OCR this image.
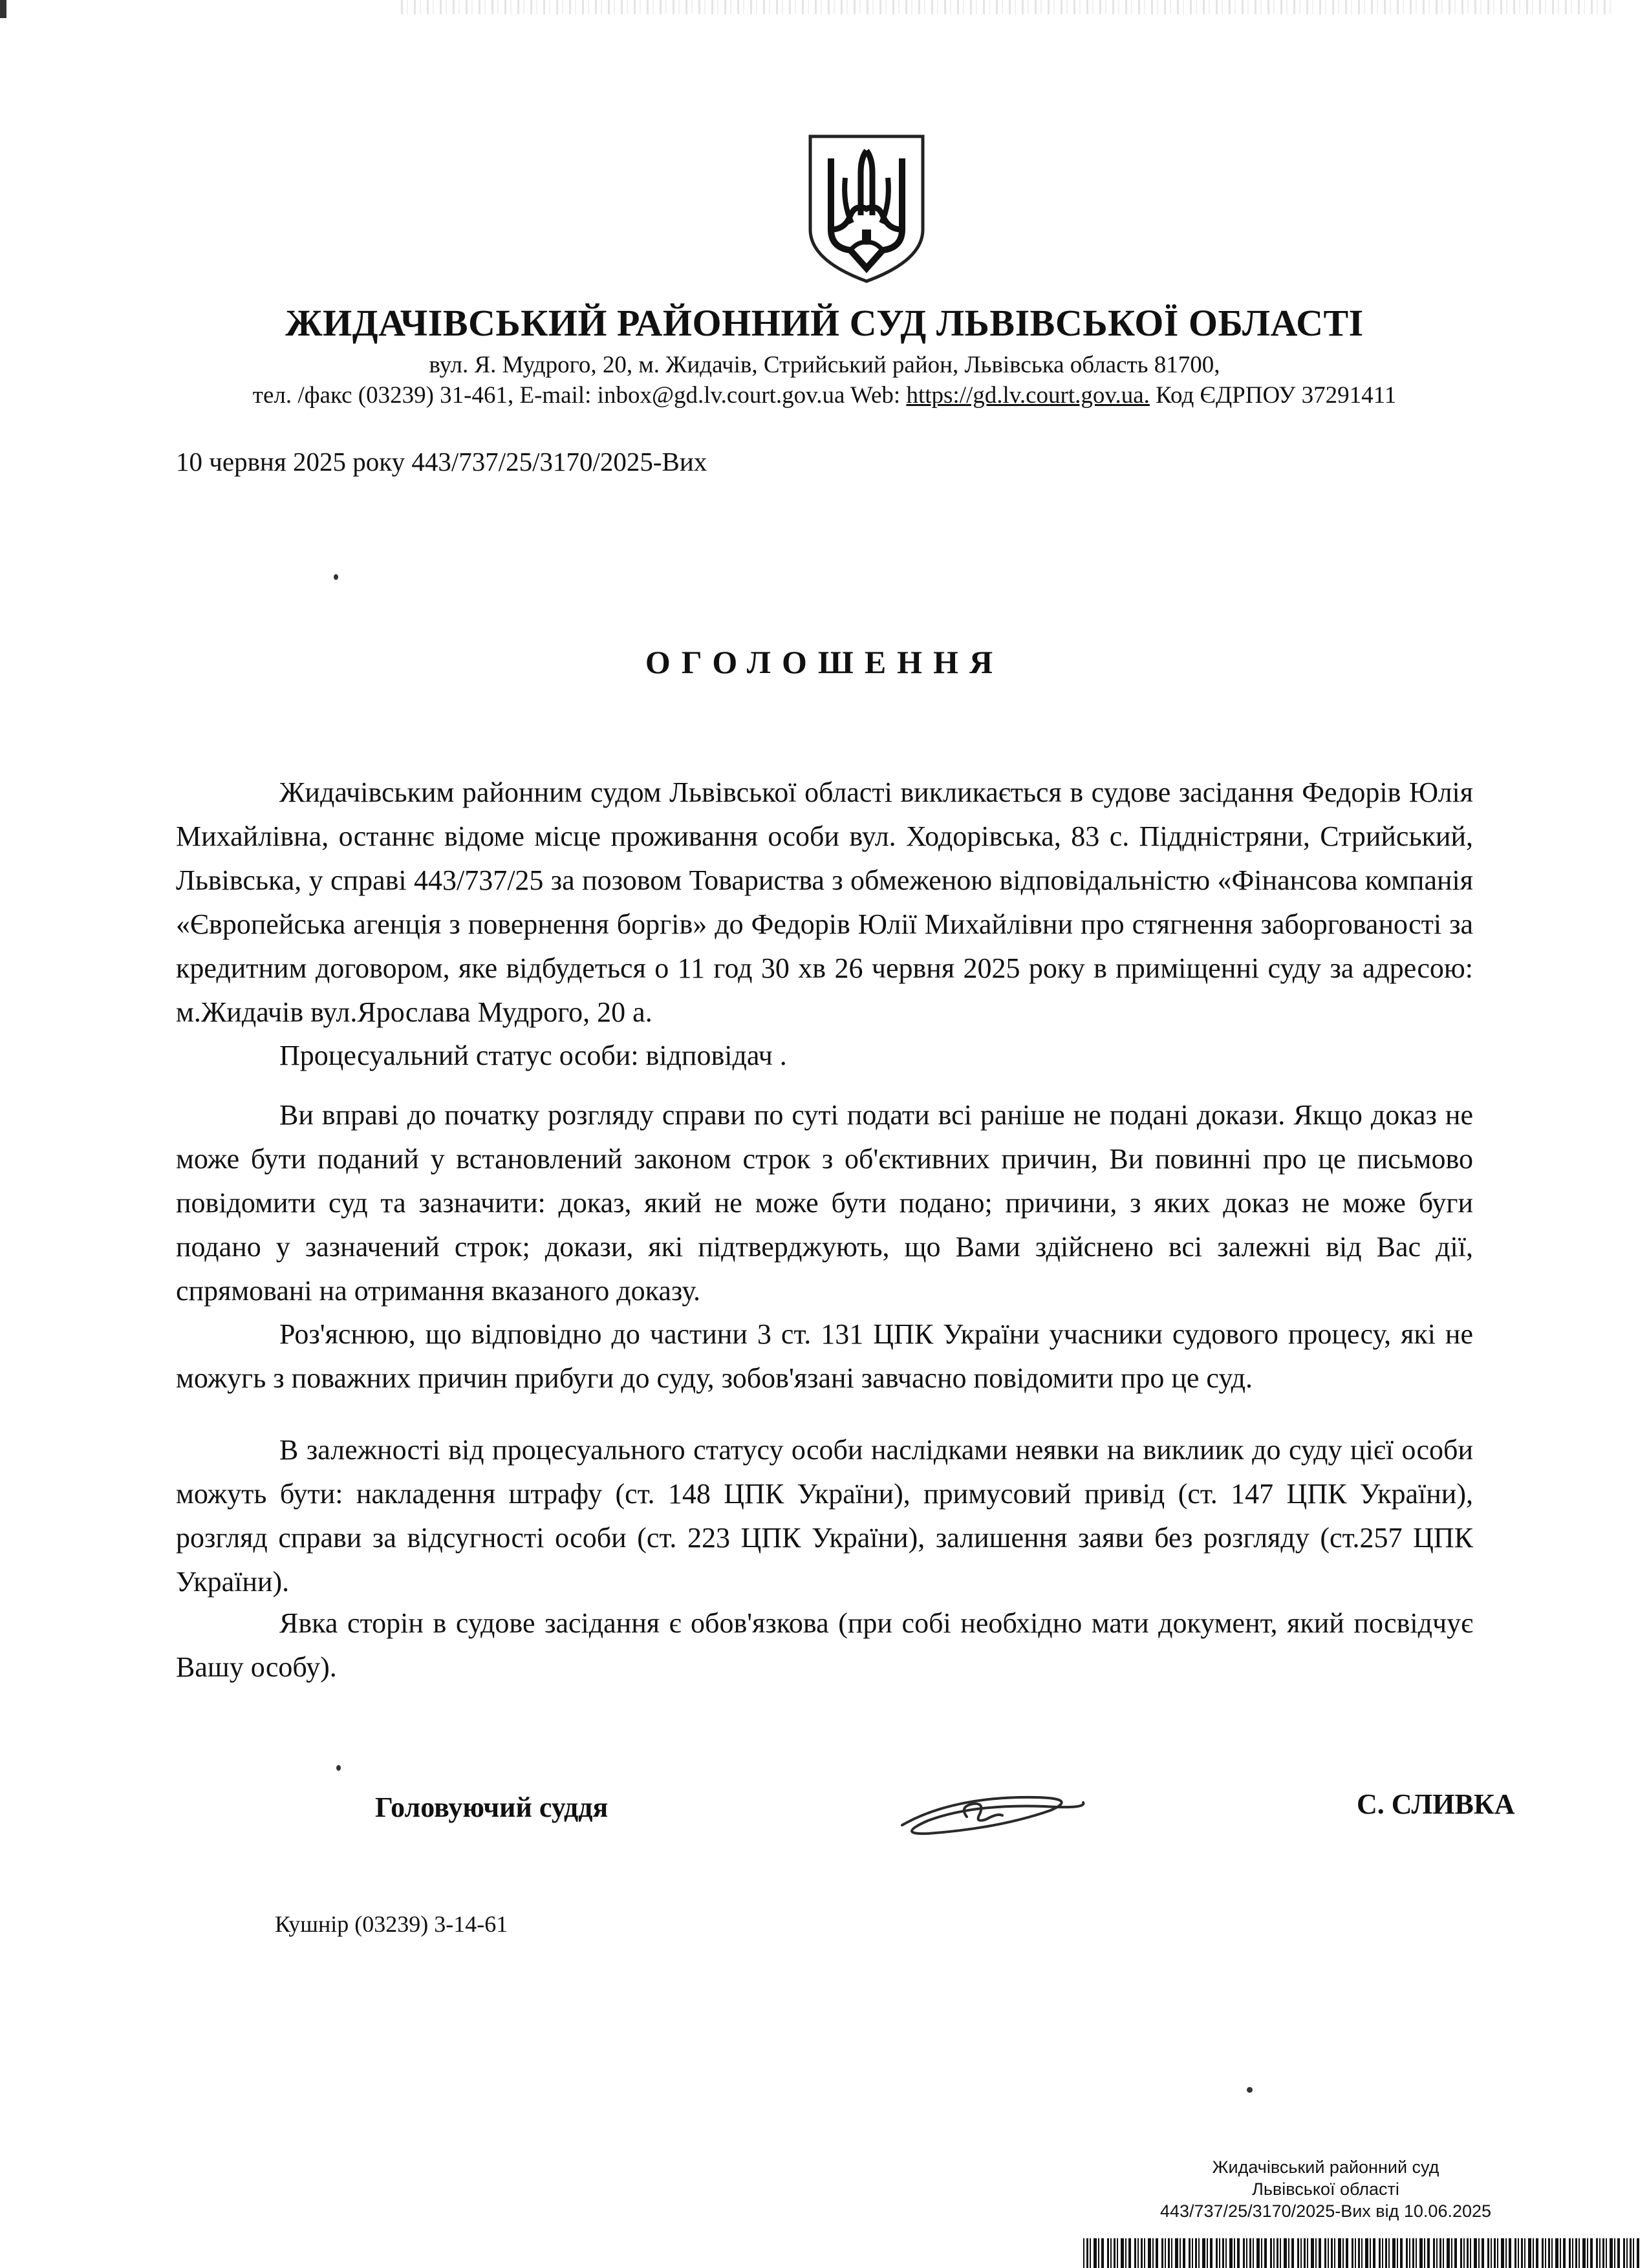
ЖИДАЧІВСЬКИЙ РАЙОННИЙ СУД ЛЬВІВСЬКОЇ ОБЛАСТІ
вул. Я. Мудрого, 20, м. Жидачів, Стрийський район, Львівська область 81700,
тел. /факс (03239) 31-461, E-mail: inbox@gd.lv.court.gov.ua Web: https://gd.lv.court.gov.ua. Код ЄДРПОУ 37291411
10 червня 2025 року 443/737/25/3170/2025-Вих
ОГОЛОШЕННЯ
Жидачівським районним судом Львівської області викликається в судове засідання Федорів Юлія Михайлівна, останнє відоме місце проживання особи вул. Ходорівська, 83 с. Піддністряни, Стрийський, Львівська, у справі 443/737/25 за позовом Товариства з обмеженою відповідальністю «Фінансова компанія «Європейська агенція з повернення боргів» до Федорів Юлії Михайлівни про стягнення заборгованості за кредитним договором, яке відбудеться о 11 год 30 хв 26 червня 2025 року в приміщенні суду за адресою: м.Жидачів вул.Ярослава Мудрого, 20 а.
Процесуальний статус особи: відповідач .
Ви вправі до початку розгляду справи по суті подати всі раніше не подані докази. Якщо доказ не може бути поданий у встановлений законом строк з об'єктивних причин, Ви повинні про це письмово повідомити суд та зазначити: доказ, який не може бути подано; причини, з яких доказ не може буги подано у зазначений строк; докази, які підтверджують, що Вами здійснено всі залежні від Вас дії, спрямовані на отримання вказаного доказу.
Роз'яснюю, що відповідно до частини 3 ст. 131 ЦПК України учасники судового процесу, які не можугь з поважних причин прибуги до суду, зобов'язані завчасно повідомити про це суд.
В залежності від процесуального статусу особи наслідками неявки на виклиик до суду цієї особи можуть бути: накладення штрафу (ст. 148 ЦПК України), примусовий привід (ст. 147 ЦПК України), розгляд справи за відсугності особи (ст. 223 ЦПК України), залишення заяви без розгляду (ст.257 ЦПК України).
Явка сторін в судове засідання є обов'язкова (при собі необхідно мати документ, який посвідчує Вашу особу).
Головуючий суддя	С. СЛИВКА
Кушнір (03239) 3-14-61
Жидачівський районний суд
Львівської області
443/737/25/3170/2025-Вих від 10.06.2025
